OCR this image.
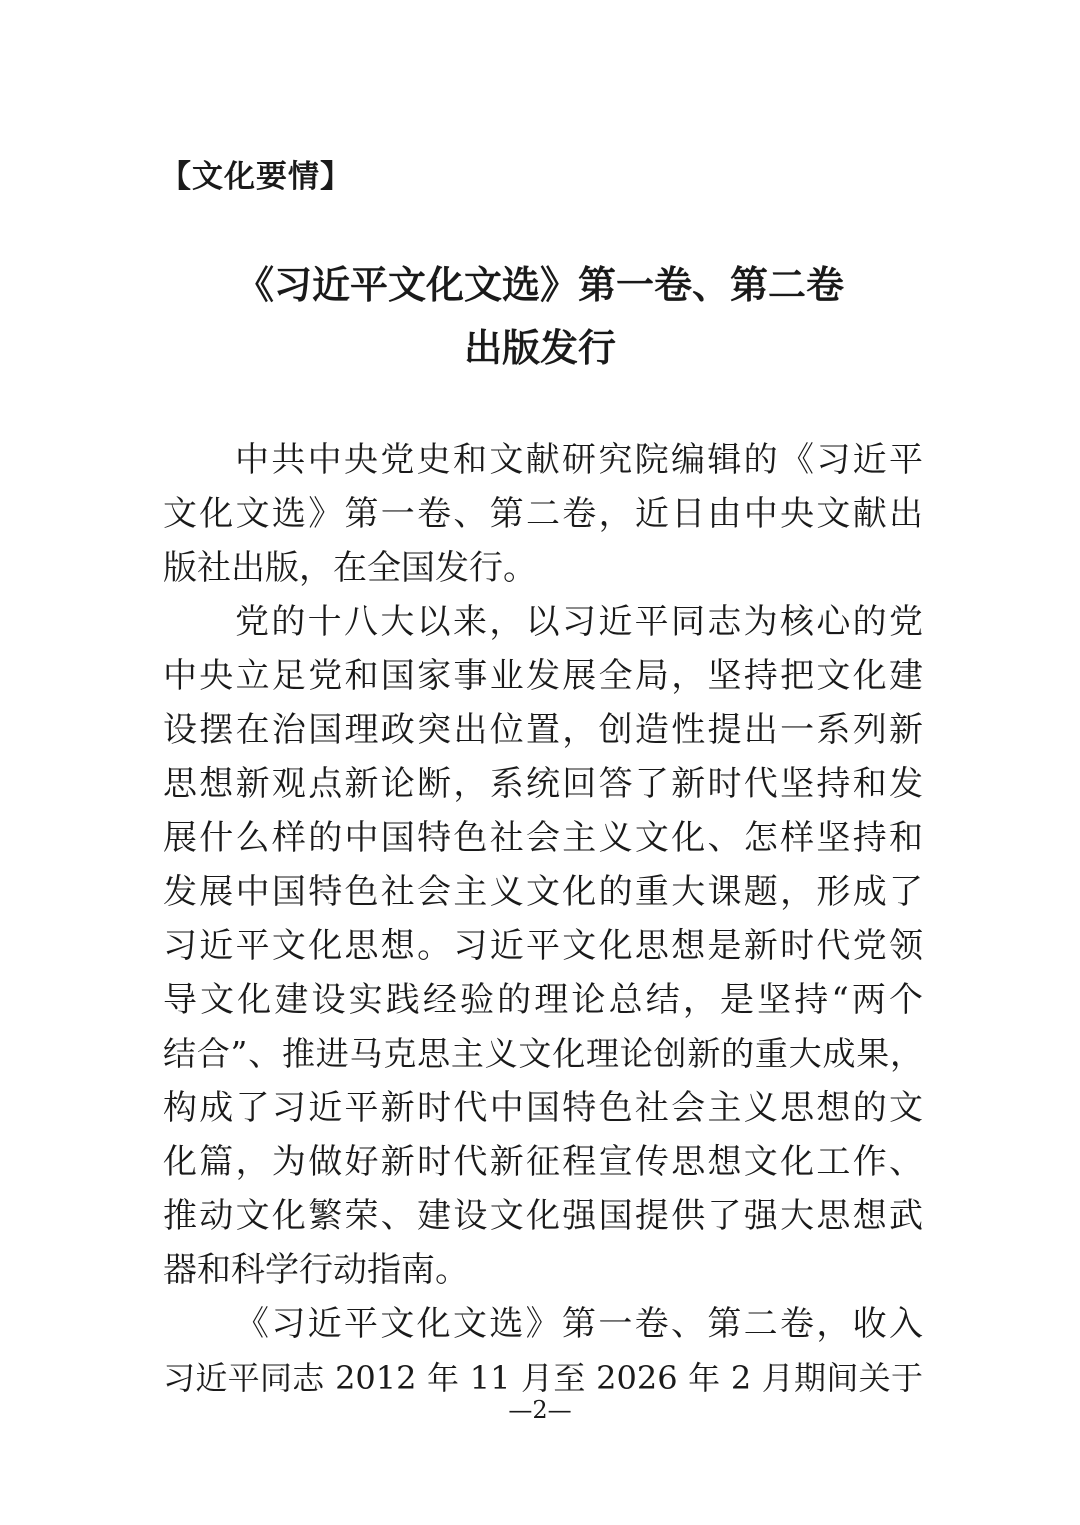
【文化要情】
《习近平文化文选》第一卷、第二卷
出版发行
中共中央党史和文献研究院编辑的《习近平
文化文选》第一卷、第二卷，近日由中央文献出
版社出版，在全国发行。
党的十八大以来，以习近平同志为核心的党
中央立足党和国家事业发展全局，坚持把文化建
设摆在治国理政突出位置，创造性提出一系列新
思想新观点新论断，系统回答了新时代坚持和发
展什么样的中国特色社会主义文化、怎样坚持和
发展中国特色社会主义文化的重大课题，形成了
习近平文化思想。习近平文化思想是新时代党领
导文化建设实践经验的理论总结，是坚持“两个
结合”、推进马克思主义文化理论创新的重大成果，
构成了习近平新时代中国特色社会主义思想的文
化篇，为做好新时代新征程宣传思想文化工作、
推动文化繁荣、建设文化强国提供了强大思想武
器和科学行动指南。
《习近平文化文选》第一卷、第二卷，收入
习近平同志 2012 年 11 月至 2026 年 2 月期间关于
—2—
